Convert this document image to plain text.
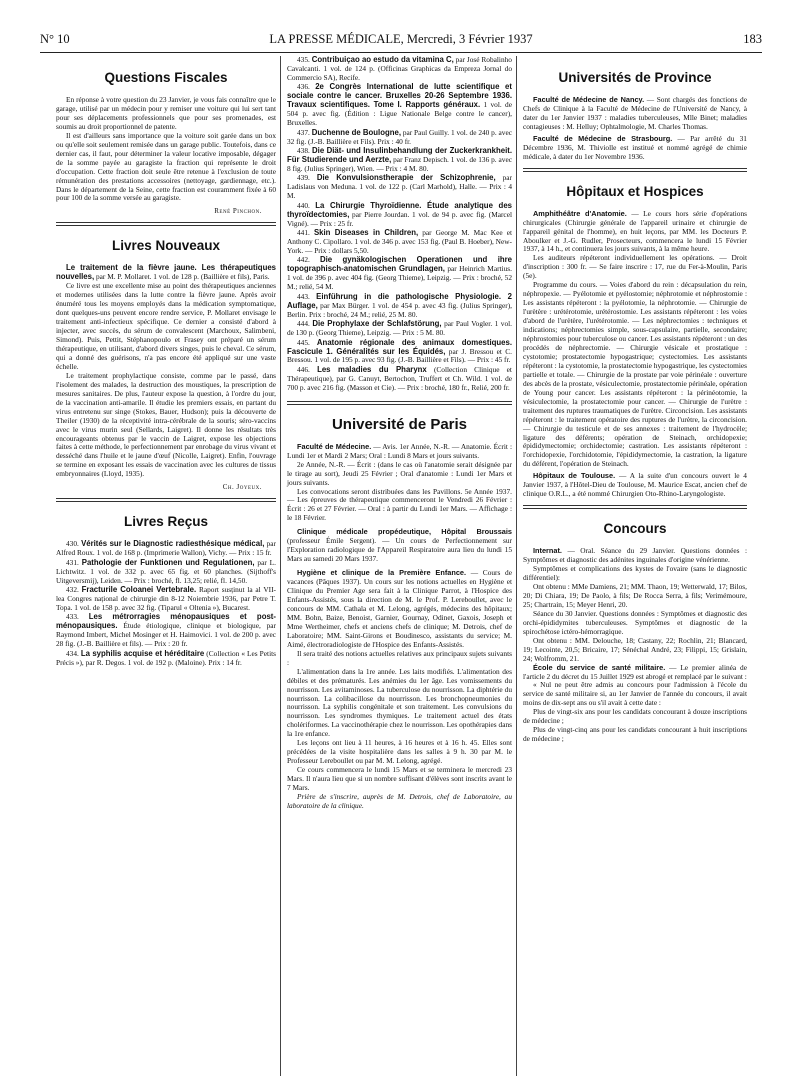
N° 10	LA PRESSE MÉDICALE, Mercredi, 3 Février 1937	183
Questions Fiscales

En réponse à votre question du 23 Janvier, je vous fais connaître que le garage, utilisé par un médecin pour y remiser une voiture qui lui sert tant pour ses déplacements professionnels que pour ses promenades, est soumis au droit proportionnel de patente.

Il est d'ailleurs sans importance que la voiture soit garée dans un box ou qu'elle soit seulement remisée dans un garage public. Toutefois, dans ce dernier cas, il faut, pour déterminer la valeur locative imposable, dégager de la somme payée au garagiste la fraction qui représente le droit d'occupation. Cette fraction doit seule être retenue à l'exclusion de toute rémunération des prestations accessoires (nettoyage, gardiennage, etc.). Dans le département de la Seine, cette fraction est couramment fixée à 60 pour 100 de la somme versée au garagiste.

René Pinchon.
Livres Nouveaux

Le traitement de la fièvre jaune. Les thérapeutiques nouvelles, par M. P. Mollaret. 1 vol. de 128 p. (Baillière et fils), Paris.

Ce livre est une excellente mise au point des thérapeutiques anciennes et modernes utilisées dans la lutte contre la fièvre jaune. Après avoir énuméré tous les moyens employés dans la médication symptomatique, dont quelques-uns peuvent encore rendre service, P. Mollaret envisage le traitement anti-infectieux spécifique. Ce dernier a consisté d'abord à injecter, avec succès, du sérum de convalescent (Marchoux, Salimbeni, Simond). Puis, Pettit, Stéphanopoulo et Frasey ont préparé un sérum thérapeutique, en utilisant, d'abord divers singes, puis le cheval. Ce sérum, qui a donné des guérisons, n'a pas encore été appliqué sur une vaste échelle.

Le traitement prophylactique consiste, comme par le passé, dans l'isolement des malades, la destruction des moustiques, la prescription de mesures sanitaires. De plus, l'auteur expose la question, à l'ordre du jour, de la vaccination anti-amarile. Il étudie les premiers essais, en partant du virus entretenu sur singe (Stokes, Bauer, Hudson); puis la découverte de Theiler (1930) de la réceptivité intra-cérébrale de la souris; séro-vaccins avec le virus murin seul (Sellards, Laigret). Il donne les résultats très encourageants obtenus par le vaccin de Laigret, expose les objections faites à cette méthode, le perfectionnement par enrobage du virus vivant et desséché dans l'huile et le jaune d'œuf (Nicolle, Laigret). Enfin, l'ouvrage se termine en exposant les essais de vaccination avec les cultures de tissus embryonnaires (Lloyd, 1935).

Ch. Joyeux.
Livres Reçus

430. Vérités sur le Diagnostic radiesthésique médical, par Alfred Roux. 1 vol. de 168 p. (Imprimerie Wallon), Vichy. — Prix : 15 fr.

431. Pathologie der Funktionen und Regulationen, par L. Lichtwitz. 1 vol. de 332 p. avec 65 fig. et 60 planches. (Sijthoff's Uitgeversmij), Leiden. — Prix : broché, fl. 13,25; relié, fl. 14,50.

432. Fracturile Coloanei Vertebrale. Raport susținut la al VII-lea Congres național de chirurgie din 8-12 Noiembrie 1936, par Petre T. Topa. 1 vol. de 158 p. avec 32 fig. (Tiparul « Oltenia »), Bucarest.

433. Les métrorragies ménopausiques et post-ménopausiques. Étude étiologique, clinique et biologique, par Raymond Imbert, Michel Mosinger et H. Haimovici. 1 vol. de 200 p. avec 28 fig. (J.-B. Baillière et fils). — Prix : 20 fr.

434. La syphilis acquise et héréditaire (Collection « Les Petits Précis »), par R. Degos. 1 vol. de 192 p. (Maloine). Prix : 14 fr.

435. Contribuiçao ao estudo da vitamina C, par José Robalinho Cavalcanti. 1 vol. de 124 p. (Officinas Graphicas da Empreza Jornal do Commercio SA), Recife.

436. 2e Congrès International de lutte scientifique et sociale contre le cancer. Bruxelles 20-26 Septembre 1936. Travaux scientifiques. Tome I. Rapports généraux. 1 vol. de 504 p. avec fig. (Édition : Ligue Nationale Belge contre le cancer), Bruxelles.

437. Duchenne de Boulogne, par Paul Guilly. 1 vol. de 240 p. avec 32 fig. (J.-B. Baillière et Fils). Prix : 40 fr.

438. Die Diät- und Insulinbehandlung der Zuckerkrankheit. Für Studierende und Aerzte, par Franz Depisch. 1 vol. de 136 p. avec 8 fig. (Julius Springer), Wien. — Prix : 4 M. 80.

439. Die Konvulsionstherapie der Schizophrenie, par Ladislaus von Meduna. 1 vol. de 122 p. (Carl Marhold), Halle. — Prix : 4 M.

440. La Chirurgie Thyroïdienne. Étude analytique des thyroïdectomies, par Pierre Jourdan. 1 vol. de 94 p. avec fig. (Marcel Vigné). — Prix : 25 fr.

441. Skin Diseases in Children, par George M. Mac Kee et Anthony C. Cipollaro. 1 vol. de 346 p. avec 153 fig. (Paul B. Hoeber), New-York. — Prix : dollars 5,50.

442. Die gynäkologischen Operationen und ihre topographisch-anatomischen Grundlagen, par Heinrich Martius. 1 vol. de 396 p. avec 404 fig. (Georg Thieme), Leipzig. — Prix : broché, 52 M.; relié, 54 M.

443. Einführung in die pathologische Physiologie. 2 Auflage, par Max Bürger. 1 vol. de 454 p. avec 43 fig. (Julius Springer), Berlin. Prix : broché, 24 M.; relié, 25 M. 80.

444. Die Prophylaxe der Schlafstörung, par Paul Vogler. 1 vol. de 130 p. (Georg Thieme), Leipzig. — Prix : 5 M. 80.

445. Anatomie régionale des animaux domestiques. Fascicule 1. Généralités sur les Équidés, par J. Bressou et C. Bressou. 1 vol. de 195 p. avec 93 fig. (J.-B. Baillière et Fils). — Prix : 45 fr.

446. Les maladies du Pharynx (Collection Clinique et Thérapeutique), par G. Canuyt, Bertochon, Truffert et Ch. Wild. 1 vol. de 700 p. avec 216 fig. (Masson et Cie). — Prix : broché, 180 fr., Relié, 200 fr.

Université de Paris

Faculté de Médecine. — Avis. 1er Année, N.-R. — Anatomie. Écrit : Lundi 1er et Mardi 2 Mars; Oral : Lundi 8 Mars et jours suivants.

2e Année, N.-R. — Écrit : (dans le cas où l'anatomie serait désignée par le tirage au sort), Jeudi 25 Février ; Oral d'anatomie : Lundi 1er Mars et jours suivants.

Les convocations seront distribuées dans les Pavillons. 5e Année 1937. — Les épreuves de thérapeutique commenceront le Vendredi 26 Février : Écrit : 26 et 27 Février. — Oral : à partir du Lundi 1er Mars. — Affichage : le 18 Février.

Clinique médicale propédeutique, Hôpital Broussais (professeur Émile Sergent). — Un cours de Perfectionnement sur l'Exploration radiologique de l'Appareil Respiratoire aura lieu du lundi 15 Mars au samedi 20 Mars 1937.

Hygiène et clinique de la Première Enfance. — Cours de vacances (Pâques 1937). Un cours sur les notions actuelles en Hygiène et Clinique du Premier Age sera fait à la Clinique Parrot, à l'Hospice des Enfants-Assistés, sous la direction de M. le Prof. P. Lereboullet, avec le concours de MM. Cathala et M. Lelong, agrégés, médecins des hôpitaux; MM. Bohn, Baize, Benoist, Garnier, Gournay, Odinet, Gaxois, Joseph et Mme Wertheimer, chefs et anciens chefs de clinique; M. Detrois, chef de Laboratoire; MM. Saint-Girons et Boudinesco, assistants du service; M. Aimé, électroradiologiste de l'Hospice des Enfants-Assistés.

Il sera traité des notions actuelles relatives aux principaux sujets suivants :

L'alimentation dans la 1re année. Les laits modifiés. L'alimentation des débiles et des prématurés. Les anémies du 1er âge. Les vomissements du nourrisson. Les avitaminoses. La tuberculose du nourrisson. La diphtérie du nourrisson. La colibacillose du nourrisson. Les bronchopneumonies du nourrisson. La syphilis congénitale et son traitement. Les convulsions du nourrisson. Les syndromes thymiques. Le traitement actuel des états cholériformes. La vaccinothérapie chez le nourrisson. Les opothérapies dans la 1re enfance.

Les leçons ont lieu à 11 heures, à 16 heures et à 16 h. 45. Elles sont précédées de la visite hospitalière dans les salles à 9 h. 30 par M. le Professeur Lereboullet ou par M. M. Lelong, agrégé.

Ce cours commencera le lundi 15 Mars et se terminera le mercredi 23 Mars. Il n'aura lieu que si un nombre suffisant d'élèves sont inscrits avant le 7 Mars.

Prière de s'inscrire, auprès de M. Detrois, chef de Laboratoire, au laboratoire de la clinique.

Universités de Province

Faculté de Médecine de Nancy. — Sont chargés des fonctions de Chefs de Clinique à la Faculté de Médecine de l'Université de Nancy, à dater du 1er Janvier 1937 : maladies tuberculeuses, Mlle Binet; maladies contagieuses : M. Helluy; Ophtalmologie, M. Charles Thomas.

Faculté de Médecine de Strasbourg. — Par arrêté du 31 Décembre 1936, M. Thiviolle est institué et nommé agrégé de chimie médicale, à dater du 1er Novembre 1936.

Hôpitaux et Hospices

Amphithéâtre d'Anatomie. — Le cours hors série d'opérations chirurgicales (Chirurgie générale de l'appareil urinaire et chirurgie de l'appareil génital de l'homme), en huit leçons, par MM. les Docteurs P. Aboulker et J.-G. Rudler, Prosecteurs, commencera le lundi 15 Février 1937, à 14 h., et continuera les jours suivants, à la même heure.

Les auditeurs répéteront individuellement les opérations. — Droit d'inscription : 300 fr. — Se faire inscrire : 17, rue du Fer-à-Moulin, Paris (5e).

Programme du cours. — Voies d'abord du rein : décapsulation du rein, néphropexie. — Pyélotomie et pyélostomie; néphrotomie et néphrostomie : Les assistants répéteront : la pyélotomie, la néphrotomie. — Chirurgie de l'urètère : urétérotomie, urétérostomie. Les assistants répéteront : les voies d'abord de l'urètère, l'urétérotomie. — Les néphrectomies : techniques et indications; néphrectomies simple, sous-capsulaire, partielle, secondaire; néphrostomies pour tuberculose ou cancer. Les assistants répéteront : un des procédés de néphrectomie. — Chirurgie vésicale et prostatique : cystotomie; prostatectomie hypogastrique; cystectomies. Les assistants répéteront : la cystotomie, la prostatectomie hypogastrique, les cystectomies partielle et totale. — Chirurgie de la prostate par voie périnéale : ouverture des abcès de la prostate, vésiculectomie, prostatectomie périnéale, opération de Young pour cancer. Les assistants répéteront : la périnéotomie, la vésiculectomie, la prostatectomie pour cancer. — Chirurgie de l'urètre : traitement des ruptures traumatiques de l'urètre. Circoncision. Les assistants répéteront : le traitement opératoire des ruptures de l'urètre, la circoncision. — Chirurgie du testicule et de ses annexes : traitement de l'hydrocèle; ligature des déférents; opération de Steinach, orchidopexie; épididymectomie; orchidectomie; castration. Les assistants répéteront : l'orchidopexie, l'orchidotomie, l'épididymectomie, la castration, la ligature du déférent, l'opération de Steinach.

Hôpitaux de Toulouse. — A la suite d'un concours ouvert le 4 Janvier 1937, à l'Hôtel-Dieu de Toulouse, M. Maurice Escat, ancien chef de clinique O.R.L., a été nommé Chirurgien Oto-Rhino-Laryngologiste.

Concours

Internat. — Oral. Séance du 29 Janvier. Questions données : Symptômes et diagnostic des adénites inguinales d'origine vénérienne.

Symptômes et complications des kystes de l'ovaire (sans le diagnostic différentiel):

Ont obtenu : MMe Damiens, 21; MM. Thaon, 19; Wetterwald, 17; Bilos, 20; Di Chiara, 19; De Paolo, à fils; De Rocca Serra, à fils; Verimémoure, 25; Chartrain, 15; Meyer Henri, 20.

Séance du 30 Janvier. Questions données : Symptômes et diagnostic des orchi-épididymites tuberculeuses. Symptômes et diagnostic de la spirochétose ictéro-hémorragique.

Ont obtenu : MM. Delouche, 18; Castany, 22; Rochlin, 21; Blancard, 19; Lecointe, 20,5; Bricaire, 17; Sénéchal André, 23; Filippi, 15; Grislain, 24; Wolfromm, 21.

École du service de santé militaire. — Le premier alinéa de l'article 2 du décret du 15 Juillet 1929 est abrogé et remplacé par le suivant :

« Nul ne peut être admis au concours pour l'admission à l'école du service de santé militaire si, au 1er Janvier de l'année du concours, il avait moins de dix-sept ans ou s'il avait à cette date :

Plus de vingt-six ans pour les candidats concourant à douze inscriptions de médecine ;

Plus de vingt-cinq ans pour les candidats concourant à huit inscriptions de médecine ;
